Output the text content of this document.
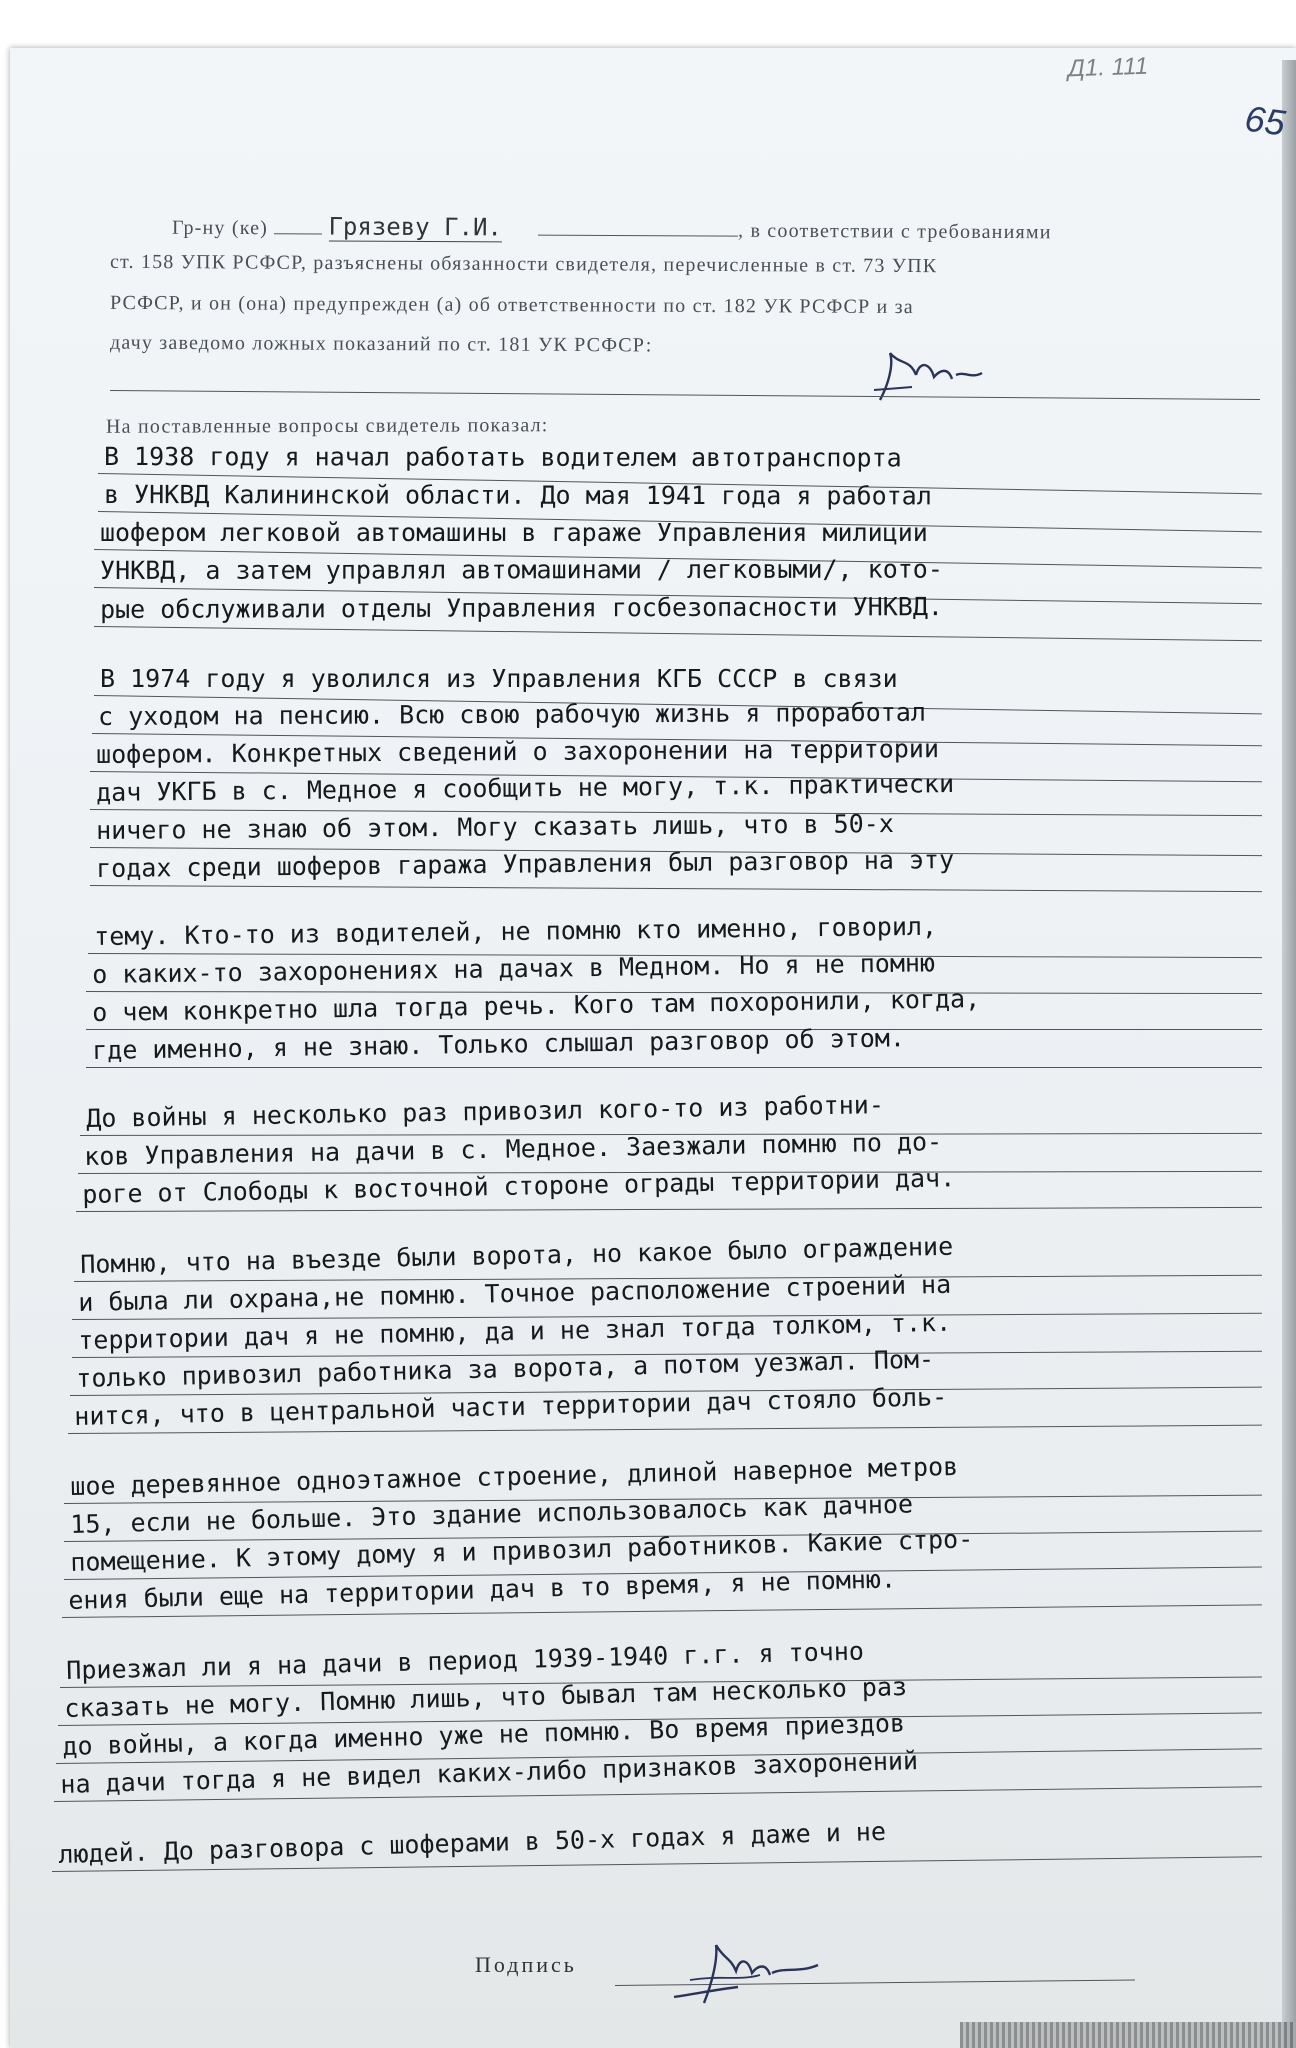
Д1. 111
65
Гр-ну (ке)	Грязеву Г.И.	, в соответствии с требованиями
ст. 158 УПК РСФСР, разъяснены обязанности свидетеля, перечисленные в ст. 73 УПК
РСФСР, и он (она) предупрежден (а) об ответственности по ст. 182 УК РСФСР и за
дачу заведомо ложных показаний по ст. 181 УК РСФСР:
На поставленные вопросы свидетель показал:
В 1938 году я начал работать водителем автотранспорта
в УНКВД Калининской области. До мая 1941 года я работал
шофером легковой автомашины в гараже Управления милиции
УНКВД, а затем управлял автомашинами / легковыми/, кото-
рые обслуживали отделы Управления госбезопасности УНКВД.
В 1974 году я уволился из Управления КГБ СССР в связи
с уходом на пенсию. Всю свою рабочую жизнь я проработал
шофером. Конкретных сведений о захоронении на территории
дач УКГБ в с. Медное я сообщить не могу, т.к. практически
ничего не знаю об этом. Могу сказать лишь, что в 50-х
годах среди шоферов гаража Управления был разговор на эту
тему. Кто-то из водителей, не помню кто именно, говорил,
о каких-то захоронениях на дачах в Медном. Но я не помню
о чем конкретно шла тогда речь. Кого там похоронили, когда,
где именно, я не знаю. Только слышал разговор об этом.
До войны я несколько раз привозил кого-то из работни-
ков Управления на дачи в с. Медное. Заезжали помню по до-
роге от Слободы к восточной стороне ограды территории дач.
Помню, что на въезде были ворота, но какое было ограждение
и была ли охрана,не помню. Точное расположение строений на
территории дач я не помню, да и не знал тогда толком, т.к.
только привозил работника за ворота, а потом уезжал. Пом-
нится, что в центральной части территории дач стояло боль-
шое деревянное одноэтажное строение, длиной наверное метров
15, если не больше. Это здание использовалось как дачное
помещение. К этому дому я и привозил работников. Какие стро-
ения были еще на территории дач в то время, я не помню.
Приезжал ли я на дачи в период 1939-1940 г.г. я точно
сказать не могу. Помню лишь, что бывал там несколько раз
до войны, а когда именно уже не помню. Во время приездов
на дачи тогда я не видел каких-либо признаков захоронений
людей. До разговора с шоферами в 50-х годах я даже и не
Подпись
